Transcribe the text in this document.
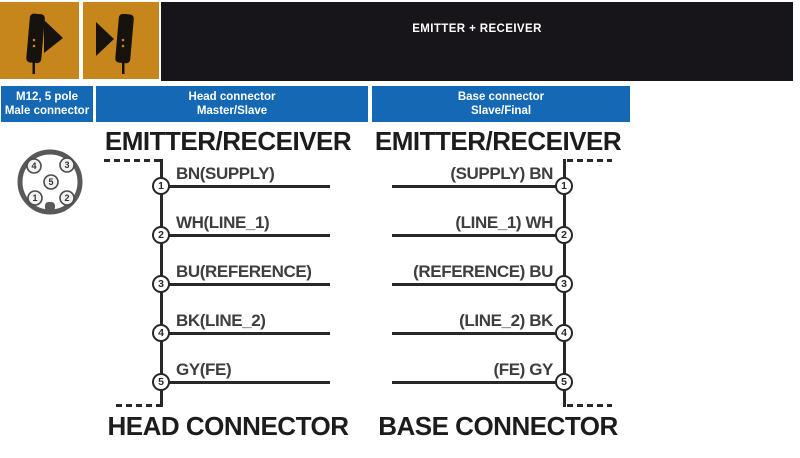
EMITTER + RECEIVER
M12, 5 pole
Male connector
Head connector
Master/Slave
Base connector
Slave/Final
1	2
3
4
5
EMITTER/RECEIVER EMITTER/RECEIVER
1
BN(SUPPLY)
2
WH(LINE_1)
3
BU(REFERENCE)
4
BK(LINE_2)
5
GY(FE)
1
(SUPPLY) BN
2
(LINE_1) WH
3
(REFERENCE) BU
4
(LINE_2) BK
5
(FE) GY
HEAD CONNECTOR	BASE CONNECTOR
